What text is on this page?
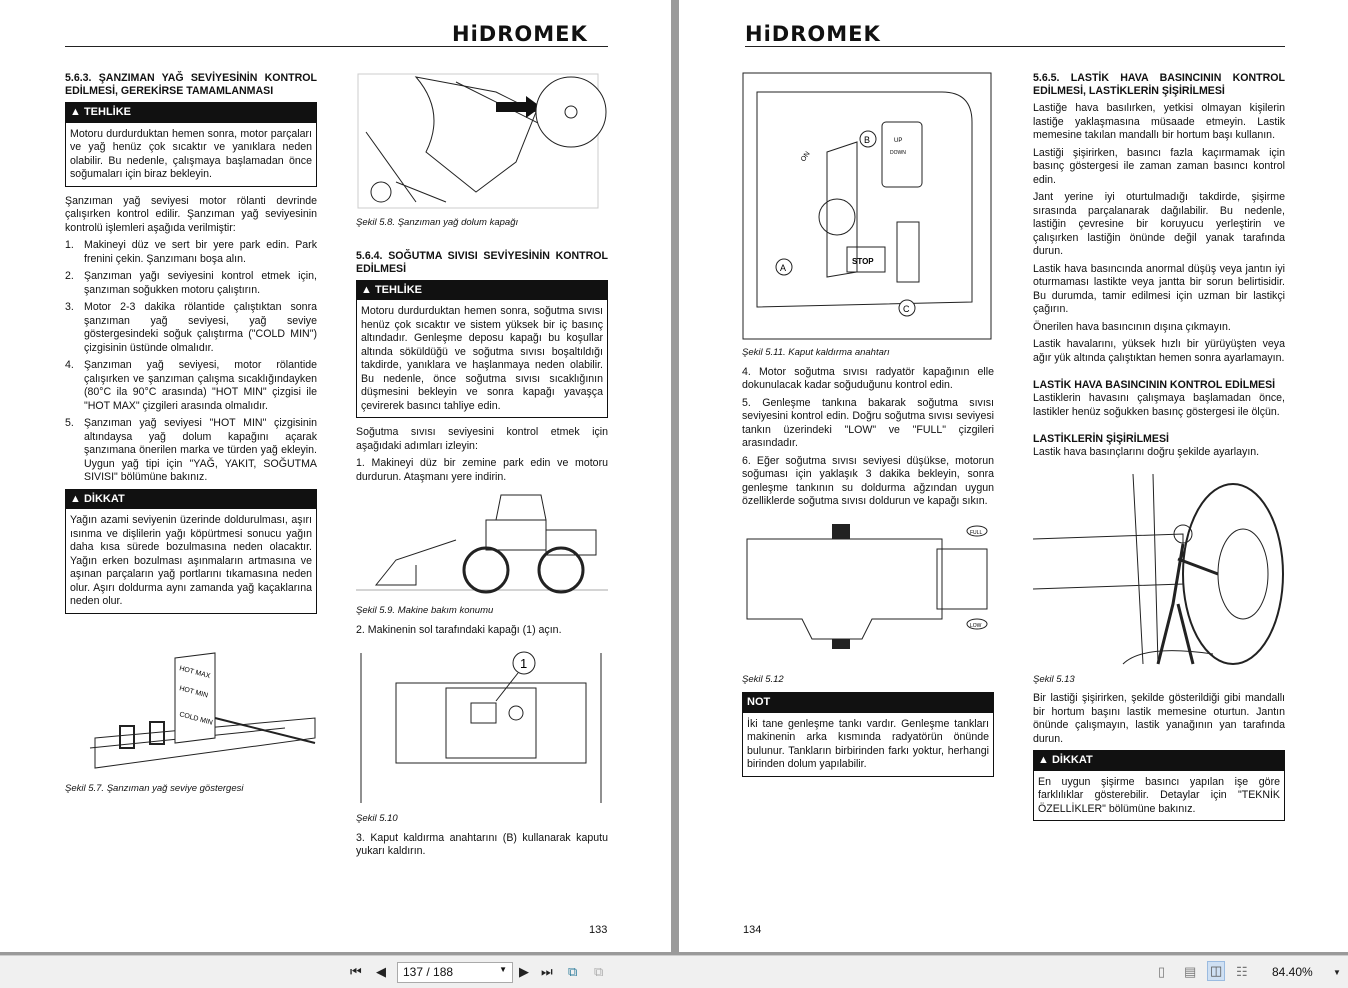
HiDROMEK
5.6.3. ŞANZIMAN YAĞ SEVİYESİNİN KONTROL EDİLMESİ, GEREKİRSE TAMAMLANMASI
▲ TEHLİKE
Motoru durdurduktan hemen sonra, motor parçaları ve yağ henüz çok sıcaktır ve yanıklara neden olabilir. Bu nedenle, çalışmaya başlamadan önce soğumaları için biraz bekleyin.

Şanzıman yağ seviyesi motor rölanti devrinde çalışırken kontrol edilir. Şanzıman yağ seviyesinin kontrolü işlemleri aşağıda verilmiştir:

1. Makineyi düz ve sert bir yere park edin. Park frenini çekin. Şanzımanı boşa alın.
2. Şanzıman yağı seviyesini kontrol etmek için, şanzıman soğukken motoru çalıştırın.
3. Motor 2-3 dakika rölantide çalıştıktan sonra şanzıman yağ seviyesi, yağ seviye göstergesindeki soğuk çalıştırma ("COLD MIN") çizgisinin üstünde olmalıdır.
4. Şanzıman yağ seviyesi, motor rölantide çalışırken ve şanzıman çalışma sıcaklığındayken (80°C ila 90°C arasında) "HOT MIN" çizgisi ile "HOT MAX" çizgileri arasında olmalıdır.
5. Şanzıman yağ seviyesi "HOT MIN" çizgisinin altındaysa yağ dolum kapağını açarak şanzımana önerilen marka ve türden yağ ekleyin. Uygun yağ tipi için "YAĞ, YAKIT, SOĞUTMA SIVISI" bölümüne bakınız.
▲ DİKKAT
Yağın azami seviyenin üzerinde doldurulması, aşırı ısınma ve dişlilerin yağı köpürtmesi sonucu yağın daha kısa sürede bozulmasına neden olacaktır. Yağın erken bozulması aşınmaların artmasına ve aşınan parçaların yağ portlarını tıkamasına neden olur. Aşırı doldurma aynı zamanda yağ kaçaklarına neden olur.
HOT MAX
HOT MIN
COLD MIN
Şekil 5.7. Şanzıman yağ seviye göstergesi
Şekil 5.8. Şanzıman yağ dolum kapağı
5.6.4. SOĞUTMA SIVISI SEVİYESİNİN KONTROL EDİLMESİ
▲ TEHLİKE
Motoru durdurduktan hemen sonra, soğutma sıvısı henüz çok sıcaktır ve sistem yüksek bir iç basınç altındadır. Genleşme deposu kapağı bu koşullar altında söküldüğü ve soğutma sıvısı boşaltıldığı takdirde, yanıklara ve haşlanmaya neden olabilir. Bu nedenle, önce soğutma sıvısı sıcaklığının düşmesini bekleyin ve sonra kapağı yavaşça çevirerek basıncı tahliye edin.

Soğutma sıvısı seviyesini kontrol etmek için aşağıdaki adımları izleyin:

1. Makineyi düz bir zemine park edin ve motoru durdurun. Ataşmanı yere indirin.

Şekil 5.9. Makine bakım konumu

2. Makinenin sol tarafındaki kapağı (1) açın.

1
Şekil 5.10

3. Kaput kaldırma anahtarını (B) kullanarak kaputu yukarı kaldırın.

133
HiDROMEK
STOP
UP
DOWN
ON
B
A
C
Şekil 5.11. Kaput kaldırma anahtarı

4. Motor soğutma sıvısı radyatör kapağının elle dokunulacak kadar soğuduğunu kontrol edin.

5. Genleşme tankına bakarak soğutma sıvısı seviyesini kontrol edin. Doğru soğutma sıvısı seviyesi tankın üzerindeki "LOW" ve "FULL" çizgileri arasındadır.

6. Eğer soğutma sıvısı seviyesi düşükse, motorun soğuması için yaklaşık 3 dakika bekleyin, sonra genleşme tankının su doldurma ağzından uygun özelliklerde soğutma sıvısı doldurun ve kapağı sıkın.

FULL
LOW
Şekil 5.12
NOT
İki tane genleşme tankı vardır. Genleşme tankları makinenin arka kısmında radyatörün önünde bulunur. Tankların birbirinden farkı yoktur, herhangi birinden dolum yapılabilir.
5.6.5. LASTİK HAVA BASINCININ KONTROL EDİLMESİ, LASTİKLERİN ŞİŞİRİLMESİ

Lastiğe hava basılırken, yetkisi olmayan kişilerin lastiğe yaklaşmasına müsaade etmeyin. Lastik memesine takılan mandallı bir hortum başı kullanın.

Lastiği şişirirken, basıncı fazla kaçırmamak için basınç göstergesi ile zaman zaman basıncı kontrol edin.

Jant yerine iyi oturtulmadığı takdirde, şişirme sırasında parçalanarak dağılabilir. Bu nedenle, lastiğin çevresine bir koruyucu yerleştirin ve çalışırken lastiğin önünde değil yanak tarafında durun.

Lastik hava basıncında anormal düşüş veya jantın iyi oturmaması lastikte veya jantta bir sorun belirtisidir. Bu durumda, tamir edilmesi için uzman bir lastikçi çağırın.

Önerilen hava basıncının dışına çıkmayın.

Lastik havalarını, yüksek hızlı bir yürüyüşten veya ağır yük altında çalıştıktan hemen sonra ayarlamayın.

LASTİK HAVA BASINCININ KONTROL EDİLMESİ

Lastiklerin havasını çalışmaya başlamadan önce, lastikler henüz soğukken basınç göstergesi ile ölçün.

LASTİKLERİN ŞİŞİRİLMESİ

Lastik hava basınçlarını doğru şekilde ayarlayın.

Şekil 5.13

Bir lastiği şişirirken, şekilde gösterildiği gibi mandallı bir hortum başını lastik memesine oturtun. Jantın önünde çalışmayın, lastik yanağının yan tarafında durun.

▲ DİKKAT
En uygun şişirme basıncı yapılan işe göre farklılıklar gösterebilir. Detaylar için "TEKNİK ÖZELLİKLER" bölümüne bakınız.
134
⏮ ◀	137 / 188	▼ ▶ ⏭ ⧉ ⧉	▯ ▤ ◫ ☷ 84.40%	▼
